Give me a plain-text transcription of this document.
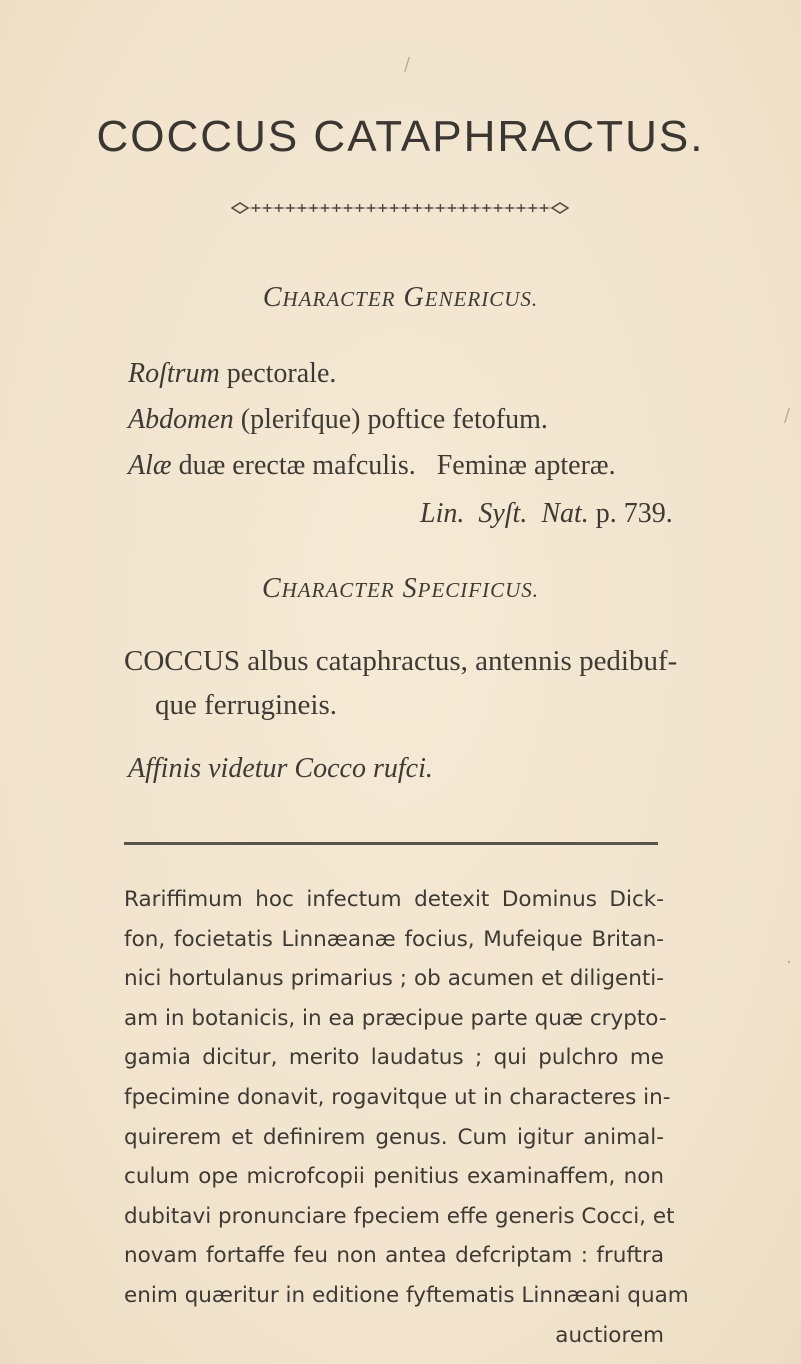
COCCUS CATAPHRACTUS.
CHARACTER GENERICUS.
Roſtrum pectorale.
Abdomen (plerifque) poftice fetofum.
Alæ duæ erectæ mafculis.   Feminæ apteræ.
Lin.  Syſt.  Nat. p. 739.
CHARACTER SPECIFICUS.
COCCUS albus cataphractus, antennis pedibuf-
que ferrugineis.
Affinis videtur Cocco rufci.
Rariffimum hoc infectum detexit Dominus Dick-
fon, focietatis Linnæanæ focius, Mufeique Britan-
nici hortulanus primarius ; ob acumen et diligenti-
am in botanicis, in ea præcipue parte quæ crypto-
gamia dicitur, merito laudatus ; qui pulchro me
fpecimine donavit, rogavitque ut in characteres in-
quirerem et definirem genus. Cum igitur animal-
culum ope microfcopii penitius examinaffem, non
dubitavi pronunciare fpeciem effe generis Cocci, et
novam fortaffe feu non antea defcriptam : fruftra
enim quæritur in editione fyftematis Linnæani quam
auctiorem
/
·
/
